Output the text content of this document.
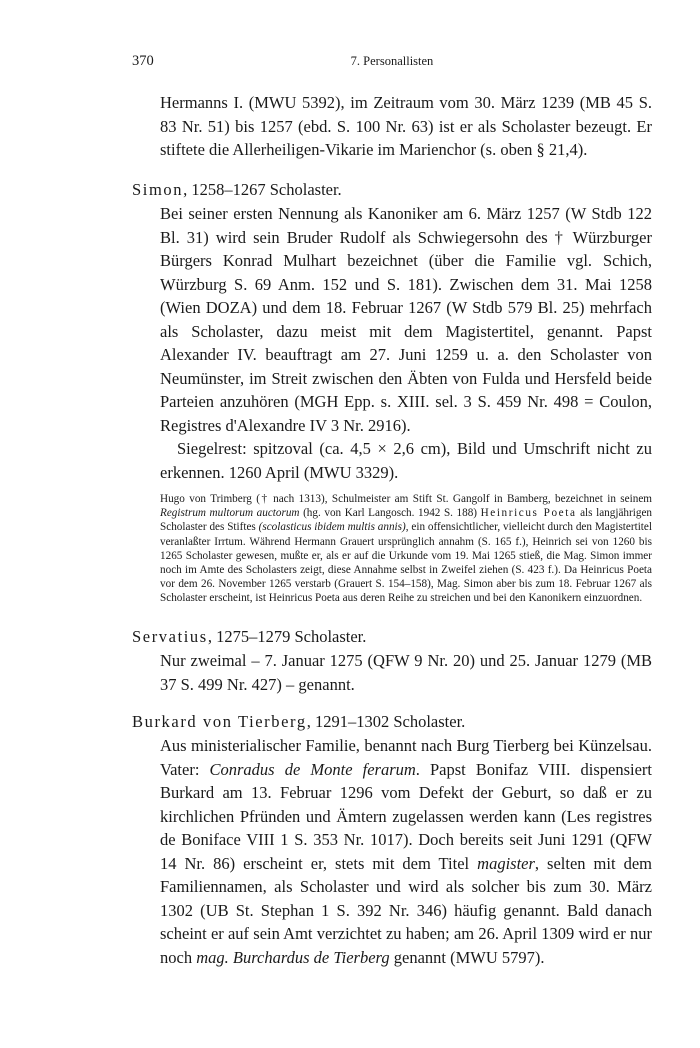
370	7. Personallisten

Hermanns I. (MWU 5392), im Zeitraum vom 30. März 1239 (MB 45 S. 83 Nr. 51) bis 1257 (ebd. S. 100 Nr. 63) ist er als Scholaster bezeugt. Er stiftete die Allerheiligen-Vikarie im Marienchor (s. oben § 21,4).

Simon, 1258–1267 Scholaster.

Bei seiner ersten Nennung als Kanoniker am 6. März 1257 (W Stdb 122 Bl. 31) wird sein Bruder Rudolf als Schwiegersohn des † Würzburger Bürgers Konrad Mulhart bezeichnet (über die Familie vgl. Schich, Würzburg S. 69 Anm. 152 und S. 181). Zwischen dem 31. Mai 1258 (Wien DOZA) und dem 18. Februar 1267 (W Stdb 579 Bl. 25) mehrfach als Scholaster, dazu meist mit dem Magistertitel, genannt. Papst Alexander IV. beauftragt am 27. Juni 1259 u. a. den Scholaster von Neumünster, im Streit zwischen den Äbten von Fulda und Hersfeld beide Parteien anzuhören (MGH Epp. s. XIII. sel. 3 S. 459 Nr. 498 = Coulon, Registres d'Alexandre IV 3 Nr. 2916).

Siegelrest: spitzoval (ca. 4,5 × 2,6 cm), Bild und Umschrift nicht zu erkennen. 1260 April (MWU 3329).

Hugo von Trimberg († nach 1313), Schulmeister am Stift St. Gangolf in Bamberg, bezeichnet in seinem Registrum multorum auctorum (hg. von Karl Langosch. 1942 S. 188) Heinricus Poeta als langjährigen Scholaster des Stiftes (scolasticus ibidem multis annis), ein offensichtlicher, vielleicht durch den Magistertitel veranlaßter Irrtum. Während Hermann Grauert ursprünglich annahm (S. 165 f.), Heinrich sei von 1260 bis 1265 Scholaster gewesen, mußte er, als er auf die Urkunde vom 19. Mai 1265 stieß, die Mag. Simon immer noch im Amte des Scholasters zeigt, diese Annahme selbst in Zweifel ziehen (S. 423 f.). Da Heinricus Poeta vor dem 26. November 1265 verstarb (Grauert S. 154–158), Mag. Simon aber bis zum 18. Februar 1267 als Scholaster erscheint, ist Heinricus Poeta aus deren Reihe zu streichen und bei den Kanonikern einzuordnen.

Servatius, 1275–1279 Scholaster.

Nur zweimal – 7. Januar 1275 (QFW 9 Nr. 20) und 25. Januar 1279 (MB 37 S. 499 Nr. 427) – genannt.

Burkard von Tierberg, 1291–1302 Scholaster.

Aus ministerialischer Familie, benannt nach Burg Tierberg bei Künzelsau. Vater: Conradus de Monte ferarum. Papst Bonifaz VIII. dispensiert Burkard am 13. Februar 1296 vom Defekt der Geburt, so daß er zu kirchlichen Pfründen und Ämtern zugelassen werden kann (Les registres de Boniface VIII 1 S. 353 Nr. 1017). Doch bereits seit Juni 1291 (QFW 14 Nr. 86) erscheint er, stets mit dem Titel magister, selten mit dem Familiennamen, als Scholaster und wird als solcher bis zum 30. März 1302 (UB St. Stephan 1 S. 392 Nr. 346) häufig genannt. Bald danach scheint er auf sein Amt verzichtet zu haben; am 26. April 1309 wird er nur noch mag. Burchardus de Tierberg genannt (MWU 5797).
